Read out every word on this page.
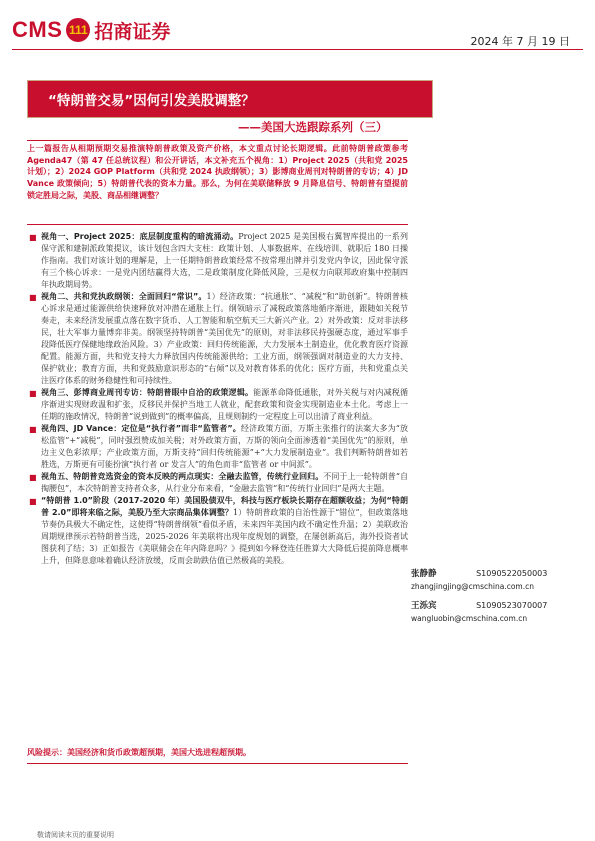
CMS 111 招商证券	2024 年 7 月 19 日
“特朗普交易”因何引发美股调整？
——美国大选跟踪系列（三）
上一篇报告从相期预期交易推演特朗普政策及资产价格，本文重点讨论长期逻辑。此前特朗普政策参考 Agenda47（第 47 任总统议程）和公开讲话，本文补充五个视角：1）Project 2025（共和党 2025 计划）；2）2024 GOP Platform（共和党 2024 执政纲领）；3）影博商业周刊对特朗普的专访；4）JD Vance 政策倾向；5）特朗普代表的资本力量。那么，为何在美联储释放 9 月降息信号、特朗普有望提前锁定胜局之际，美股、商品相继调整？
■ 视角一、Project 2025：底层制度重构的暗流涌动。Project 2025 是美国极右翼智库提出的一系列保守派和建制派政策提议，该计划包含四大支柱：政策计划、人事数据库、在线培训、就职后 180 日操作指南。我们对该计划的理解是，上一任期特朗普政策经常不按常理出牌并引发党内争议，因此保守派有三个核心诉求：一是党内团结赢得大选，二是政策制度化降低风险，三是权力向联邦政府集中控制四年执政期局势。
■ 视角二、共和党执政纲领：全面回归“常识”。1）经济政策：“抗通胀”、“减税”和“助创新”。特朗普核心诉求是通过能源供给快速释放对冲潜在通胀上行。纲领暗示了减税政策落地循序渐进，跟随如关税节奏走，未来经济发展重点落在数字货币、人工智能和航空航天三大新兴产业。2）对外政策：反对非法移民，壮大军事力量博弈非美。纲领坚持特朗普“美国优先”的原则，对非法移民持强硬态度，通过军事手段降低医疗保健地缘政治风险。3）产业政策：回归传统能源，大力发展本土制造业，优化教育医疗资源配置。能源方面，共和党支持大力释放国内传统能源供给；工业方面，纲领强调对制造业的大力支持、保护就业；教育方面，共和党鼓励意识形态的“右倾”以及对教育体系的优化；医疗方面，共和党重点关注医疗体系的财务稳健性和可持续性。
■ 视角三、彭博商业周刊专访：特朗普眼中自洽的政策逻辑。能源革命降低通胀，对外关税与对内减税循序渐进实现财政温和扩张，反移民并保护当地工人就业，配套政策和资金实现制造业本土化。考虑上一任期的施政情况，特朗普“说到做到”的概率偏高，且规则制约一定程度上可以出清了商业利益。
■ 视角四、JD Vance：定位是“执行者”而非“监管者”。经济政策方面，万斯主张推行的法案大多为“放松监管”+“减税”，同时强烈赞成加关税；对外政策方面，万斯的领向全面渗透着“美国优先”的原则，单边主义色彩浓厚；产业政策方面，万斯支持“回归传统能源”+“大力发展制造业”。我们判断特朗普如若胜选，万斯更有可能扮演“执行者 or 发言人”的角色而非“监管者 or 中间派”。
■ 视角五、特朗普竞选资金的资本反映的两点现实：全融去监管，传统行业回归。不同于上一轮特朗普“自掏腰包”，本次特朗普支持者众多，从行业分布来看，“金融去监管”和“传统行业回归”是两大主题。
■ “特朗普 1.0”阶段（2017-2020 年）美国股债双牛，科技与医疗板块长期存在超额收益；为何“特朗普 2.0”即将来临之际，美股乃至大宗商品集体调整？1）特朗普政策的自治性源于“错位”，但政策落地节奏仍具极大不确定性，这使得“特朗普纲领”看似矛盾，未来四年美国内政不确定性升温；2）美联政治周期规律预示若特朗普当选，2025-2026 年美联将出现年度规划的调整，在屡创新高后，海外投资者试图获利了结；3）正如报告《美联储会在年内降息吗？》提到如今释登连任胜算大大降低后提前降息概率上升，但降息意味着确认经济放缓，反而会助跌估值已然极高的美股。
风险提示：美国经济和货币政策超预期，美国大选进程超预期。
张静静	S1090522050003
zhangjingjing@cmschina.com.cn
王泺宾	S1090523070007
wangluobin@cmschina.com.cn
敬请阅读末页的重要说明
